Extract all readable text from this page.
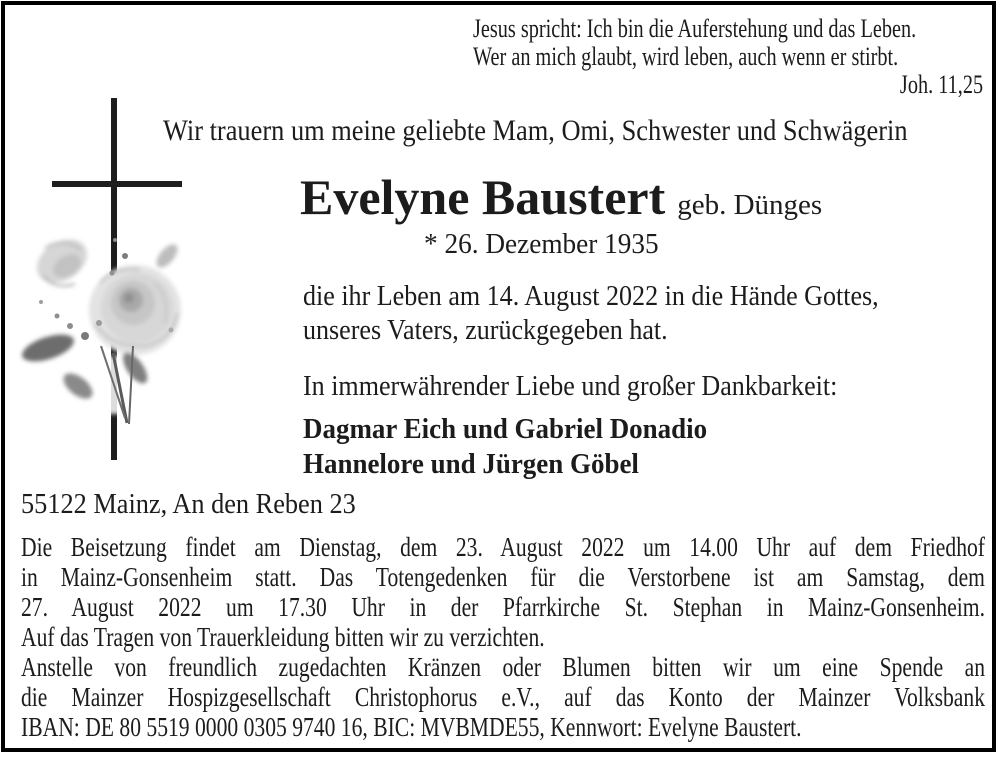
Jesus spricht: Ich bin die Auferstehung und das Leben.
Wer an mich glaubt, wird leben, auch wenn er stirbt.
Joh. 11,25
Wir trauern um meine geliebte Mam, Omi, Schwester und Schwägerin
Evelyne Baustert geb. Dünges
* 26. Dezember 1935
die ihr Leben am 14. August 2022 in die Hände Gottes,
unseres Vaters, zurückgegeben hat.
In immerwährender Liebe und großer Dankbarkeit:
Dagmar Eich und Gabriel Donadio
Hannelore und Jürgen Göbel
55122 Mainz, An den Reben 23
Die Beisetzung findet am Dienstag, dem 23. August 2022 um 14.00 Uhr auf dem Friedhof
in Mainz-Gonsenheim statt. Das Totengedenken für die Verstorbene ist am Samstag, dem
27. August 2022 um 17.30 Uhr in der Pfarrkirche St. Stephan in Mainz-Gonsenheim.
Auf das Tragen von Trauerkleidung bitten wir zu verzichten.
Anstelle von freundlich zugedachten Kränzen oder Blumen bitten wir um eine Spende an
die Mainzer Hospizgesellschaft Christophorus e.V., auf das Konto der Mainzer Volksbank
IBAN: DE 80 5519 0000 0305 9740 16, BIC: MVBMDE55, Kennwort: Evelyne Baustert.
